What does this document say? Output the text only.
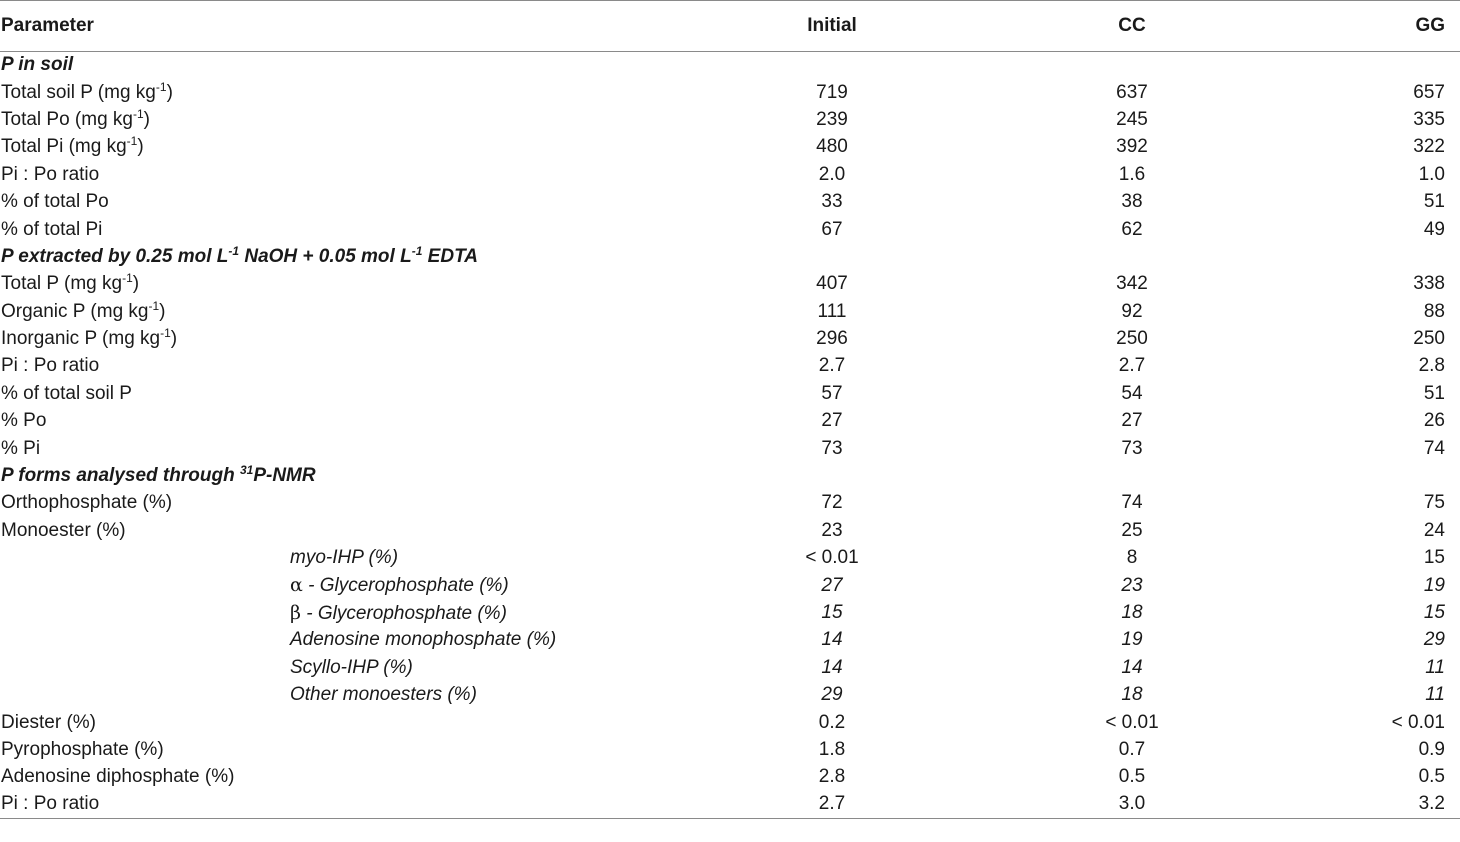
Parameter	Initial	CC	GG
P in soil			
Total soil P (mg $kg^{-1}$)	719	637	657
Total Po (mg $kg^{-1}$)	239	245	335
Total Pi (mg $kg^{-1}$)	480	392	322
Pi : Po ratio	2.0	1.6	1.0
% of total Po	33	38	51
% of total Pi	67	62	49
P extracted by 0.25 mol $L^{-1}$ NaOH + 0.05 mol $L^{-1}$ EDTA			
Total P (mg $kg^{-1}$)	407	342	338
Organic P (mg $kg^{-1}$)	111	92	88
Inorganic P (mg $kg^{-1}$)	296	250	250
Pi : Po ratio	2.7	2.7	2.8
% of total soil P	57	54	51
% Po	27	27	26
% Pi	73	73	74
P forms analysed through $^{31}$P-NMR			
Orthophosphate (%)	72	74	75
Monoester (%)	23	25	24
myo-IHP (%)	< 0.01	8	15
α - Glycerophosphate (%)	27	23	19
β - Glycerophosphate (%)	15	18	15
Adenosine monophosphate (%)	14	19	29
Scyllo-IHP (%)	14	14	11
Other monoesters (%)	29	18	11
Diester (%)	0.2	< 0.01	< 0.01
Pyrophosphate (%)	1.8	0.7	0.9
Adenosine diphosphate (%)	2.8	0.5	0.5
Pi : Po ratio	2.7	3.0	3.2
